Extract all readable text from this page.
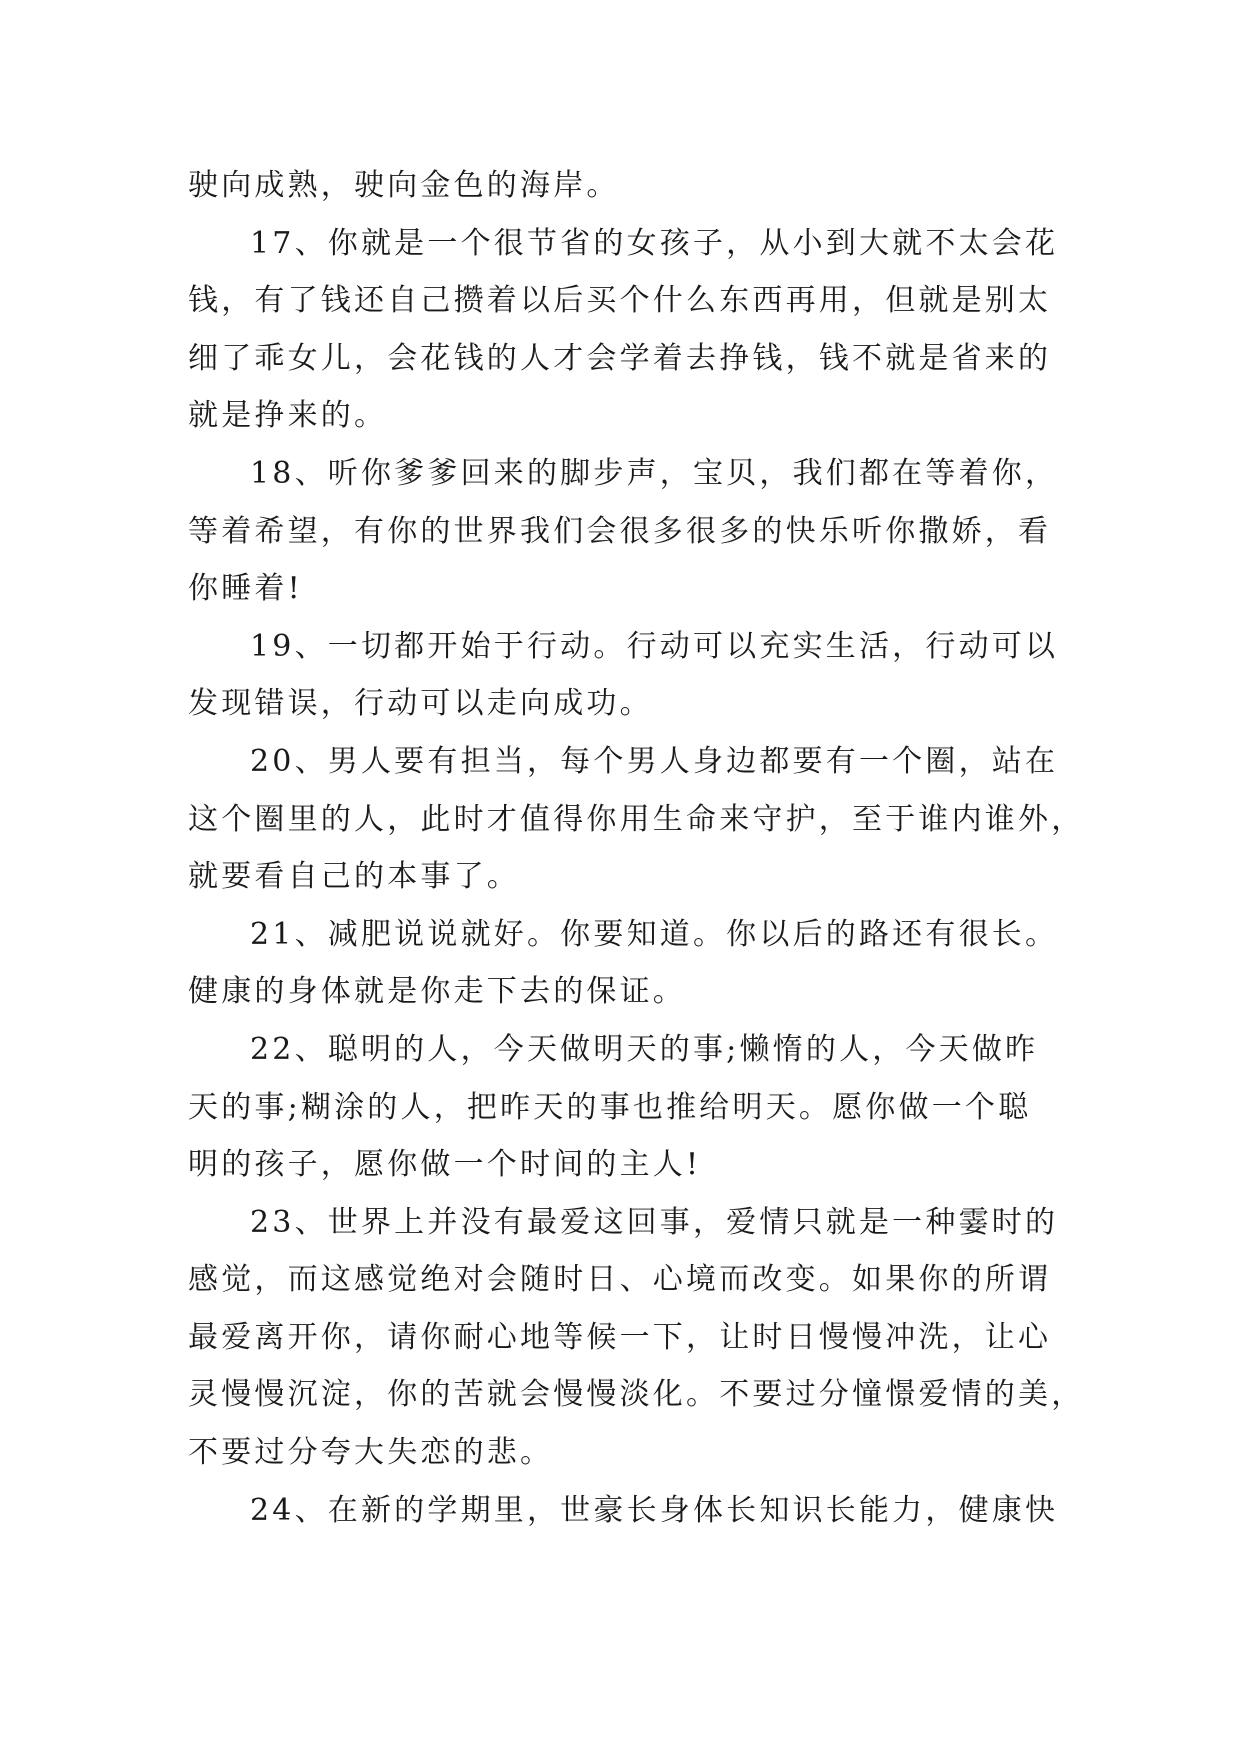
驶向成熟，驶向金色的海岸。
17、你就是一个很节省的女孩子，从小到大就不太会花
钱，有了钱还自己攒着以后买个什么东西再用，但就是别太
细了乖女儿，会花钱的人才会学着去挣钱，钱不就是省来的
就是挣来的。
18、听你爹爹回来的脚步声，宝贝，我们都在等着你，
等着希望，有你的世界我们会很多很多的快乐听你撒娇，看
你睡着!
19、一切都开始于行动。行动可以充实生活，行动可以
发现错误，行动可以走向成功。
20、男人要有担当，每个男人身边都要有一个圈，站在
这个圈里的人，此时才值得你用生命来守护，至于谁内谁外，
就要看自己的本事了。
21、减肥说说就好。你要知道。你以后的路还有很长。
健康的身体就是你走下去的保证。
22、聪明的人，今天做明天的事;懒惰的人，今天做昨
天的事;糊涂的人，把昨天的事也推给明天。愿你做一个聪
明的孩子，愿你做一个时间的主人!
23、世界上并没有最爱这回事，爱情只就是一种霎时的
感觉，而这感觉绝对会随时日、心境而改变。如果你的所谓
最爱离开你，请你耐心地等候一下，让时日慢慢冲洗，让心
灵慢慢沉淀，你的苦就会慢慢淡化。不要过分憧憬爱情的美，
不要过分夸大失恋的悲。
24、在新的学期里，世豪长身体长知识长能力，健康快
